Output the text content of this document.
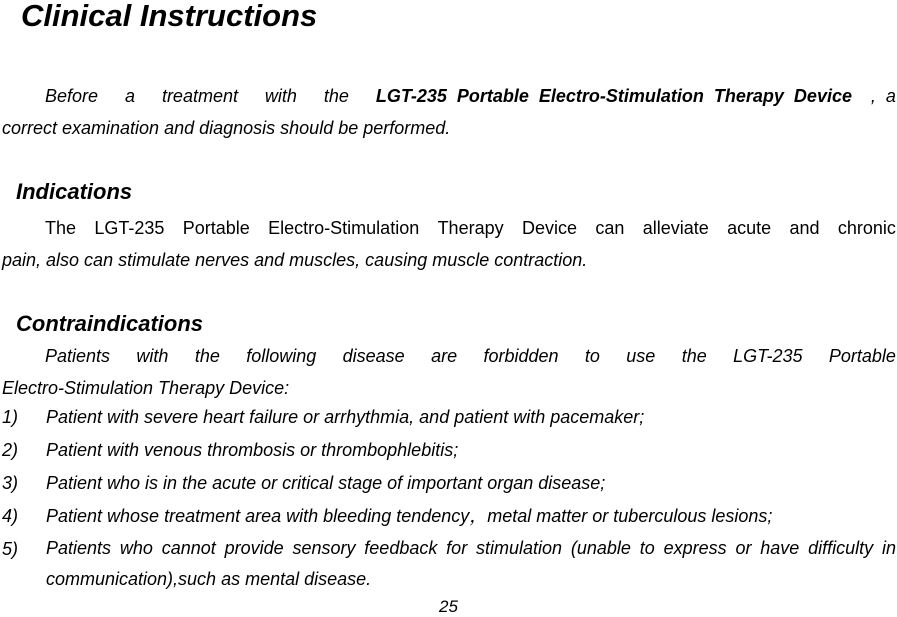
Clinical Instructions
Before a treatment with the LGT-235  Portable  Electro-Stimulation  Therapy  Device ,  a
correct examination and diagnosis should be performed.
Indications
The LGT-235 Portable Electro-Stimulation Therapy Device can alleviate acute and chronic
pain, also can stimulate nerves and muscles, causing muscle contraction.
Contraindications
Patients with the following disease are forbidden to use the LGT-235 Portable
Electro-Stimulation Therapy Device:
1) Patient with severe heart failure or arrhythmia, and patient with pacemaker;
2) Patient with venous thrombosis or thrombophlebitis;
3) Patient who is in the acute or critical stage of important organ disease;
4) Patient whose treatment area with bleeding tendency，metal matter or tuberculous lesions;
5) Patients who cannot provide sensory feedback for stimulation (unable to express or have difficulty in communication),such as mental disease.
25
